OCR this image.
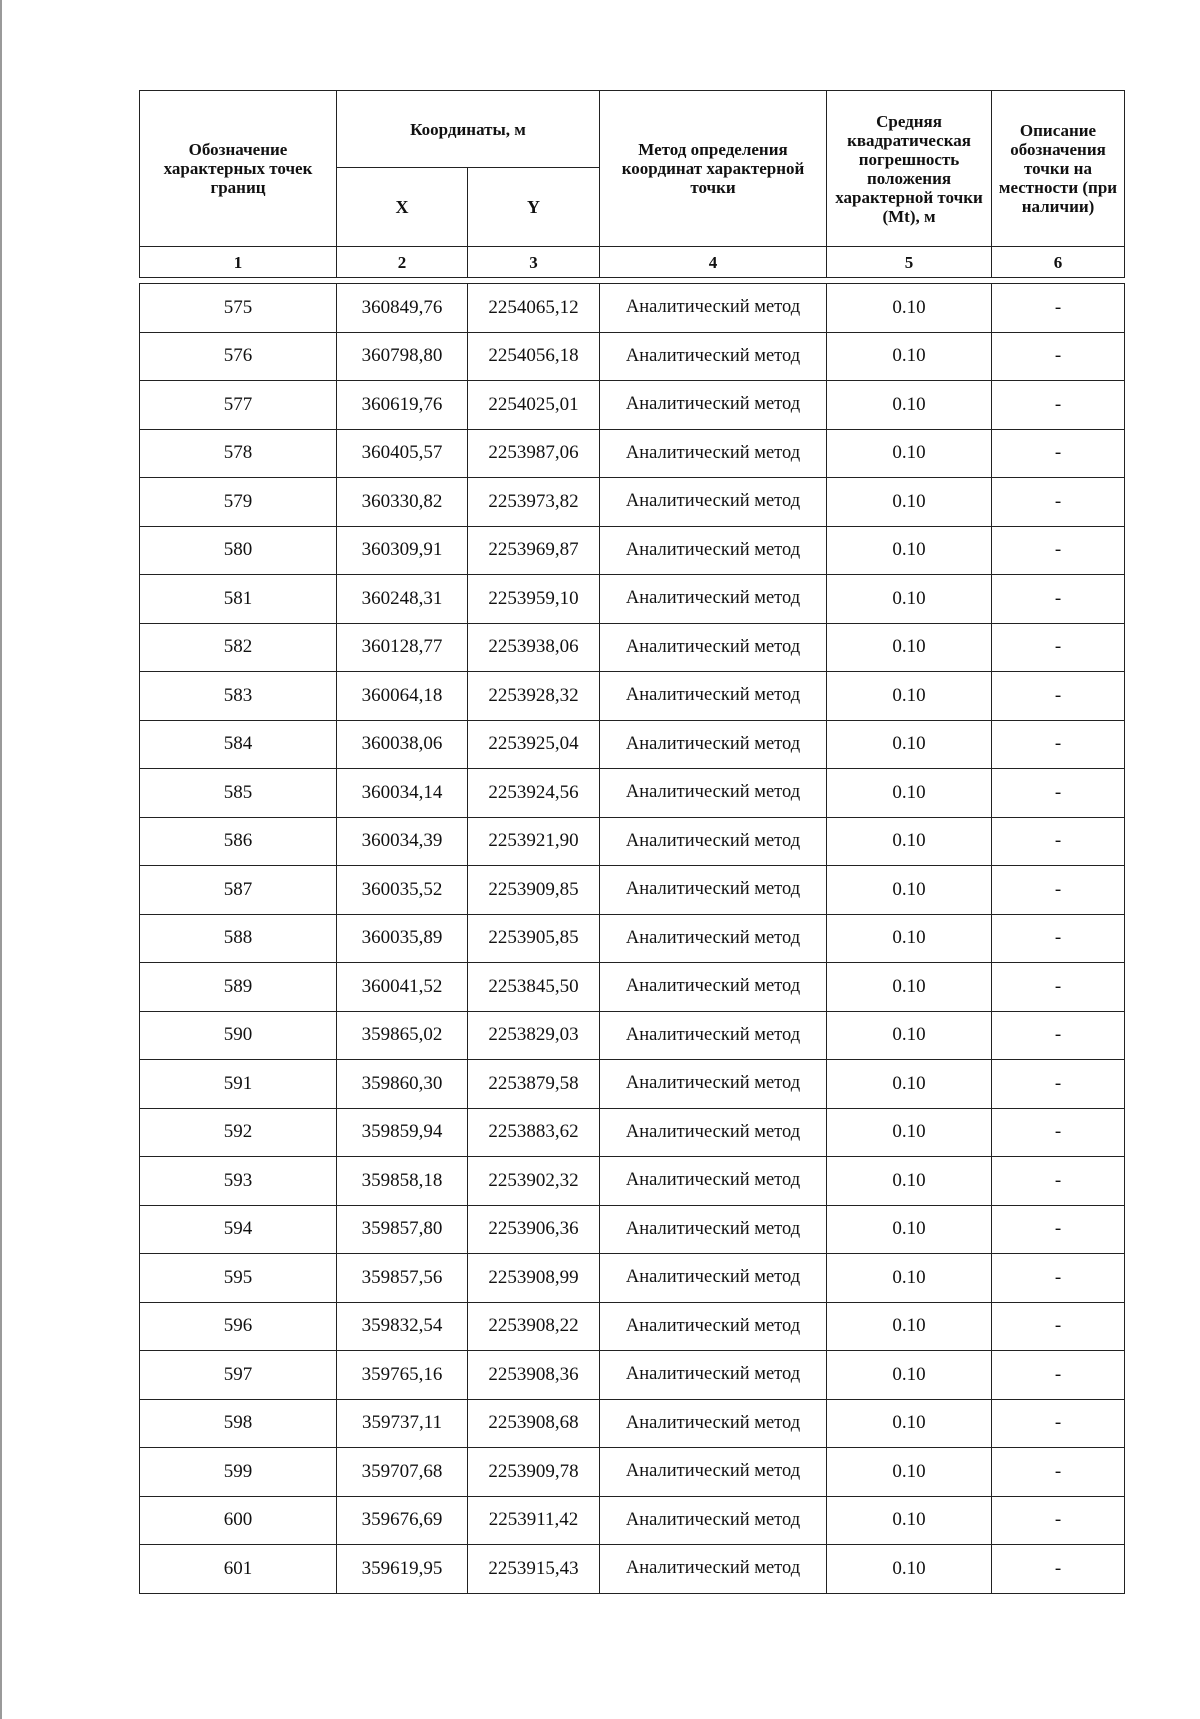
Обозначение характерных точек границ	Координаты, м		Метод определения координат характерной точки	Средняя квадратическая погрешность положения характерной точки (Mt), м	Описание обозначения точки на местности (при наличии)
	X	Y			
1	2	3	4	5	6

575	360849,76	2254065,12	Аналитический метод	0.10	-
576	360798,80	2254056,18	Аналитический метод	0.10	-
577	360619,76	2254025,01	Аналитический метод	0.10	-
578	360405,57	2253987,06	Аналитический метод	0.10	-
579	360330,82	2253973,82	Аналитический метод	0.10	-
580	360309,91	2253969,87	Аналитический метод	0.10	-
581	360248,31	2253959,10	Аналитический метод	0.10	-
582	360128,77	2253938,06	Аналитический метод	0.10	-
583	360064,18	2253928,32	Аналитический метод	0.10	-
584	360038,06	2253925,04	Аналитический метод	0.10	-
585	360034,14	2253924,56	Аналитический метод	0.10	-
586	360034,39	2253921,90	Аналитический метод	0.10	-
587	360035,52	2253909,85	Аналитический метод	0.10	-
588	360035,89	2253905,85	Аналитический метод	0.10	-
589	360041,52	2253845,50	Аналитический метод	0.10	-
590	359865,02	2253829,03	Аналитический метод	0.10	-
591	359860,30	2253879,58	Аналитический метод	0.10	-
592	359859,94	2253883,62	Аналитический метод	0.10	-
593	359858,18	2253902,32	Аналитический метод	0.10	-
594	359857,80	2253906,36	Аналитический метод	0.10	-
595	359857,56	2253908,99	Аналитический метод	0.10	-
596	359832,54	2253908,22	Аналитический метод	0.10	-
597	359765,16	2253908,36	Аналитический метод	0.10	-
598	359737,11	2253908,68	Аналитический метод	0.10	-
599	359707,68	2253909,78	Аналитический метод	0.10	-
600	359676,69	2253911,42	Аналитический метод	0.10	-
601	359619,95	2253915,43	Аналитический метод	0.10	-
